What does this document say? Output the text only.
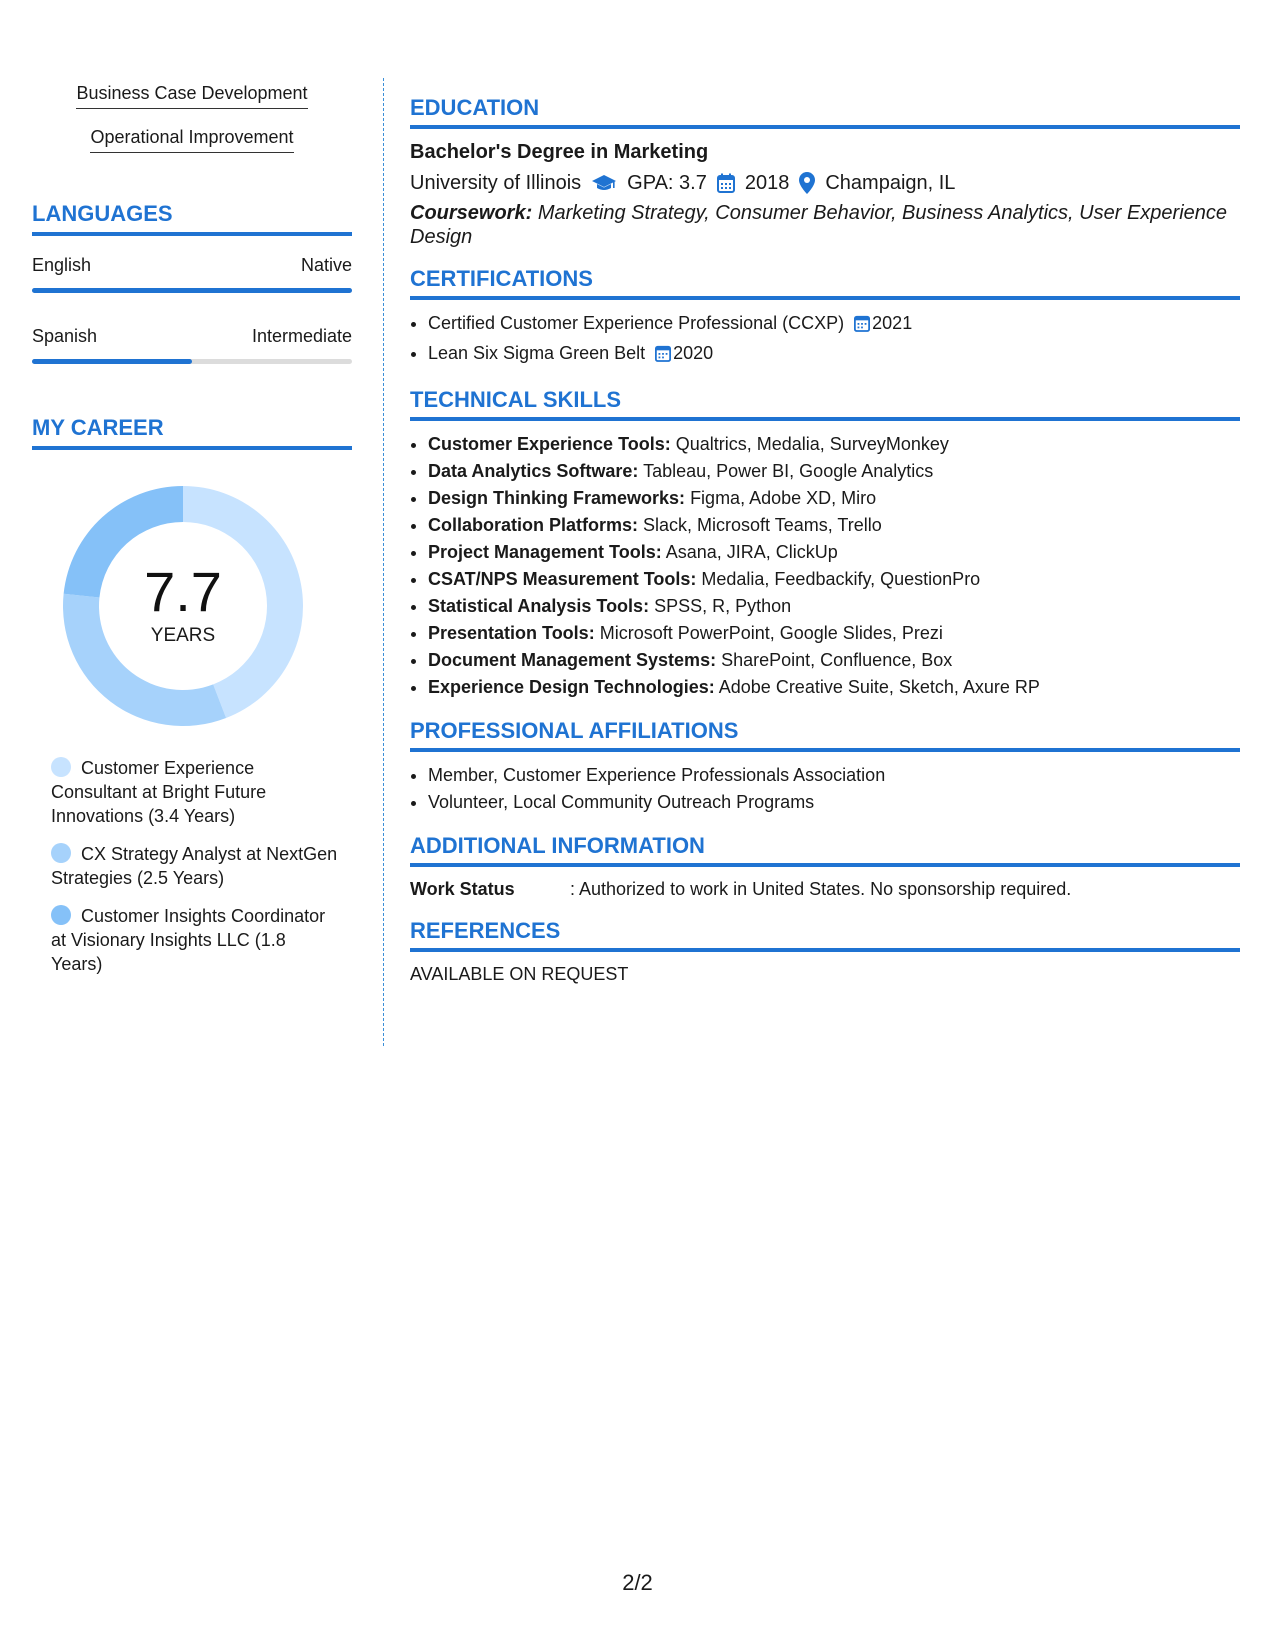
Business Case Development
Operational Improvement
LANGUAGES
English	Native
Spanish	Intermediate
MY CAREER
7.7
YEARS
Customer Experience Consultant at Bright Future Innovations (3.4 Years)
CX Strategy Analyst at NextGen Strategies (2.5 Years)
Customer Insights Coordinator at Visionary Insights LLC (1.8 Years)
EDUCATION
Bachelor's Degree in Marketing
University of Illinois GPA: 3.7 2018 Champaign, IL
Coursework: Marketing Strategy, Consumer Behavior, Business Analytics, User Experience Design
CERTIFICATIONS
• Certified Customer Experience Professional (CCXP) 2021
• Lean Six Sigma Green Belt 2020
TECHNICAL SKILLS
• Customer Experience Tools: Qualtrics, Medalia, SurveyMonkey
• Data Analytics Software: Tableau, Power BI, Google Analytics
• Design Thinking Frameworks: Figma, Adobe XD, Miro
• Collaboration Platforms: Slack, Microsoft Teams, Trello
• Project Management Tools: Asana, JIRA, ClickUp
• CSAT/NPS Measurement Tools: Medalia, Feedbackify, QuestionPro
• Statistical Analysis Tools: SPSS, R, Python
• Presentation Tools: Microsoft PowerPoint, Google Slides, Prezi
• Document Management Systems: SharePoint, Confluence, Box
• Experience Design Technologies: Adobe Creative Suite, Sketch, Axure RP
PROFESSIONAL AFFILIATIONS
• Member, Customer Experience Professionals Association
• Volunteer, Local Community Outreach Programs
ADDITIONAL INFORMATION
Work Status	: Authorized to work in United States. No sponsorship required.
REFERENCES
AVAILABLE ON REQUEST
2/2
